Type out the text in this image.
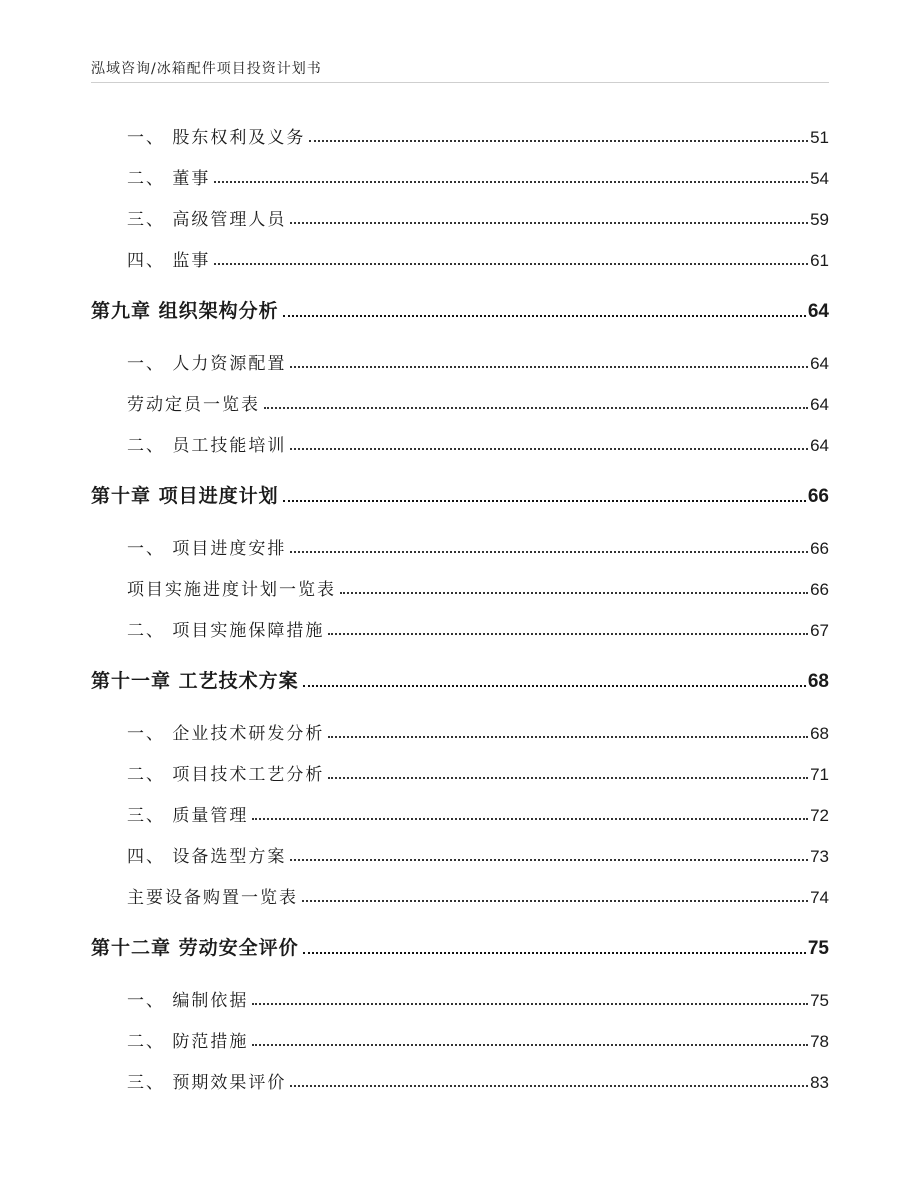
泓域咨询/冰箱配件项目投资计划书
一、 股东权利及义务	51
二、 董事	54
三、 高级管理人员	59
四、 监事	61
第九章 组织架构分析	64
一、 人力资源配置	64
劳动定员一览表	64
二、 员工技能培训	64
第十章 项目进度计划	66
一、 项目进度安排	66
项目实施进度计划一览表	66
二、 项目实施保障措施	67
第十一章 工艺技术方案	68
一、 企业技术研发分析	68
二、 项目技术工艺分析	71
三、 质量管理	72
四、 设备选型方案	73
主要设备购置一览表	74
第十二章 劳动安全评价	75
一、 编制依据	75
二、 防范措施	78
三、 预期效果评价	83
